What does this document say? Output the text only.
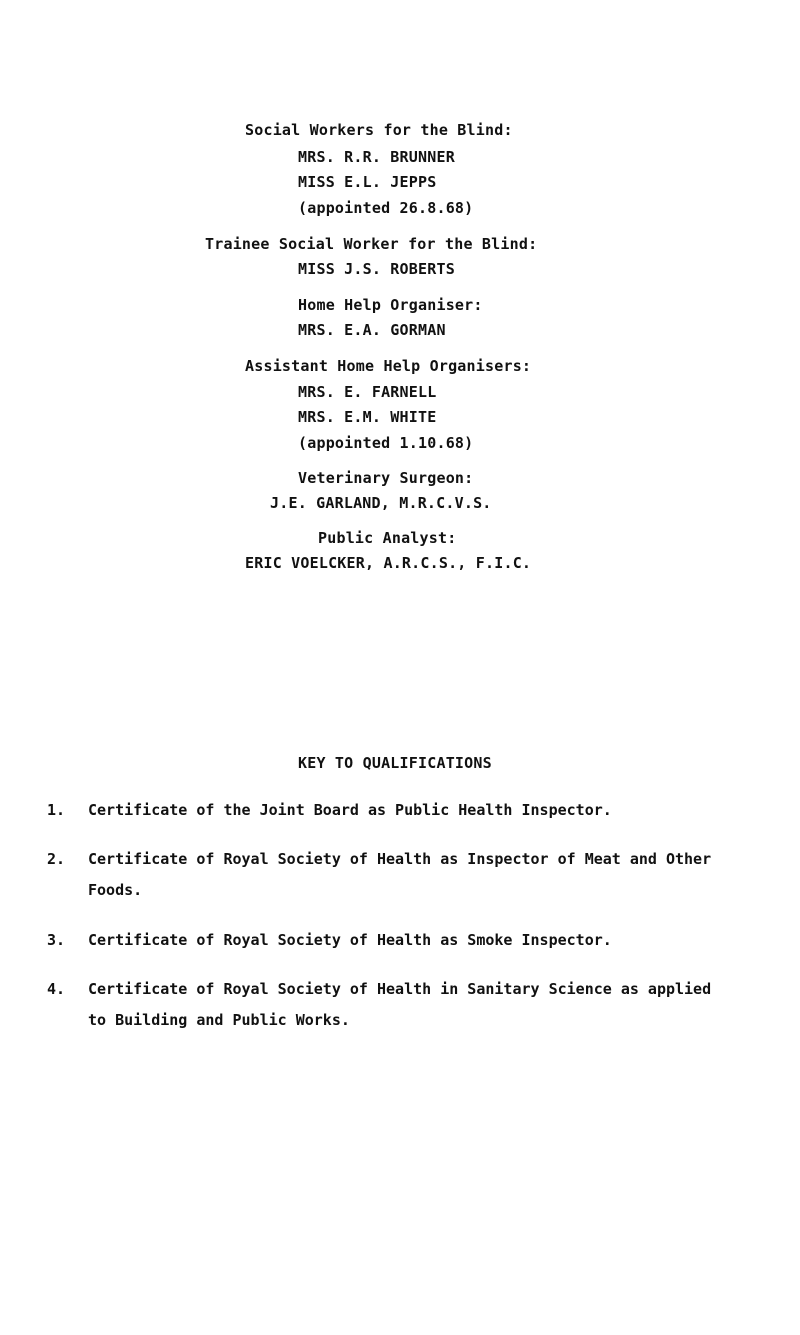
Social Workers for the Blind:
MRS. R.R. BRUNNER
MISS E.L. JEPPS
(appointed 26.8.68)
Trainee Social Worker for the Blind:
MISS J.S. ROBERTS
Home Help Organiser:
MRS. E.A. GORMAN
Assistant Home Help Organisers:
MRS. E. FARNELL
MRS. E.M. WHITE
(appointed 1.10.68)
Veterinary Surgeon:
J.E. GARLAND, M.R.C.V.S.
Public Analyst:
ERIC VOELCKER, A.R.C.S., F.I.C.
KEY TO QUALIFICATIONS
1. Certificate of the Joint Board as Public Health Inspector.
2. Certificate of Royal Society of Health as Inspector of Meat and Other Foods.
3. Certificate of Royal Society of Health as Smoke Inspector.
4. Certificate of Royal Society of Health in Sanitary Science as applied to Building and Public Works.
